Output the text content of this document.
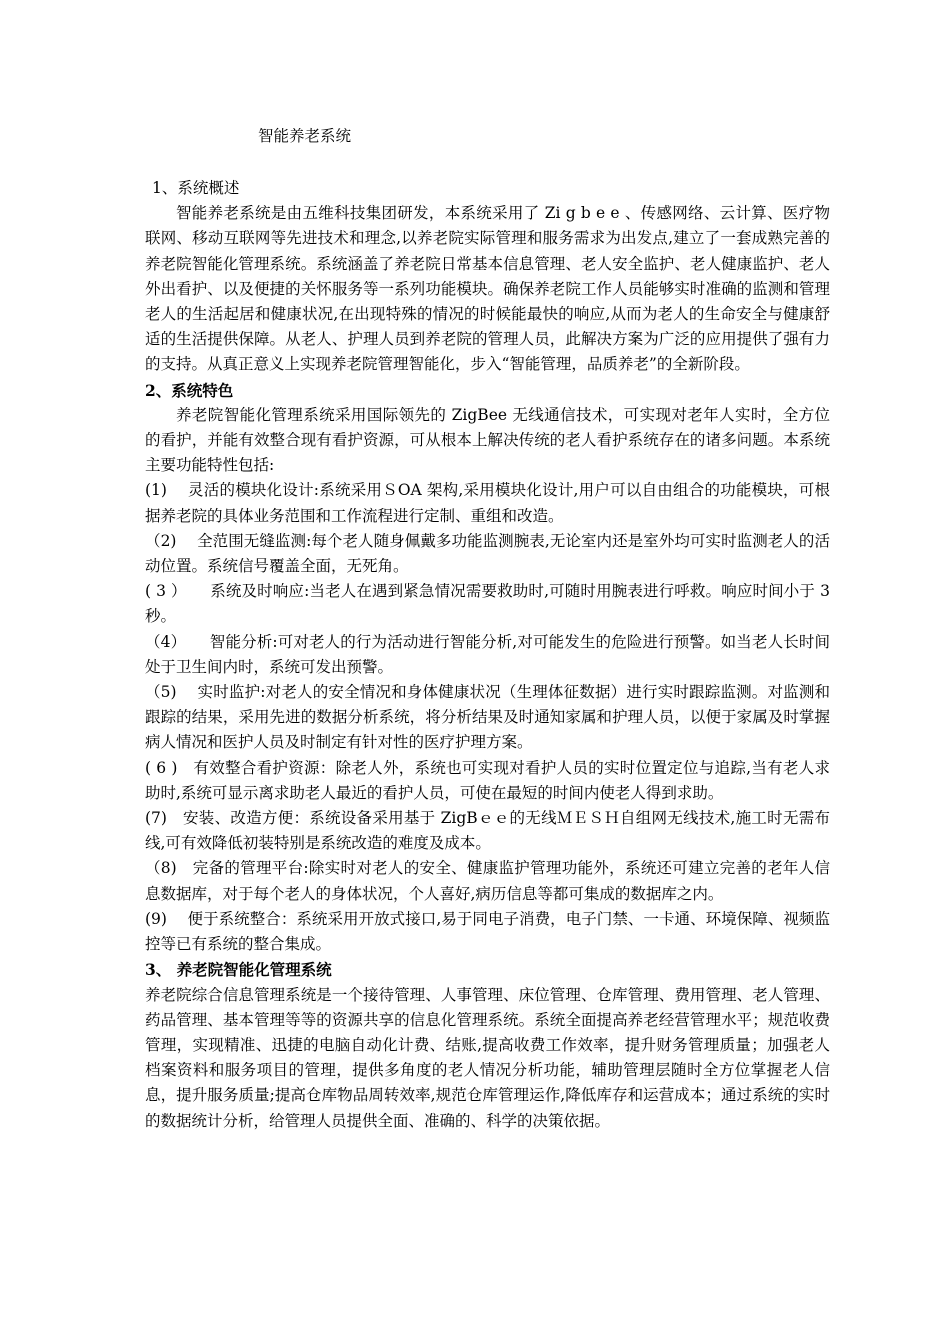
智能养老系统

1、系统概述

智能养老系统是由五维科技集团研发，本系统采用了 Zi g b e e 、传感网络、云计算、医疗物联网、移动互联网等先进技术和理念,以养老院实际管理和服务需求为出发点,建立了一套成熟完善的养老院智能化管理系统。系统涵盖了养老院日常基本信息管理、老人安全监护、老人健康监护、老人外出看护、以及便捷的关怀服务等一系列功能模块。确保养老院工作人员能够实时准确的监测和管理老人的生活起居和健康状况,在出现特殊的情况的时候能最快的响应,从而为老人的生命安全与健康舒适的生活提供保障。从老人、护理人员到养老院的管理人员，此解决方案为广泛的应用提供了强有力的支持。从真正意义上实现养老院管理智能化，步入“智能管理，品质养老”的全新阶段。

2、系统特色

养老院智能化管理系统采用国际领先的 ZigBee 无线通信技术，可实现对老年人实时，全方位的看护，并能有效整合现有看护资源，可从根本上解决传统的老人看护系统存在的诸多问题。本系统主要功能特性包括:

(1)　 灵活的模块化设计:系统采用ＳOA 架构,采用模块化设计,用户可以自由组合的功能模块，可根据养老院的具体业务范围和工作流程进行定制、重组和改造。

（2)　 全范围无缝监测:每个老人随身佩戴多功能监测腕表,无论室内还是室外均可实时监测老人的活动位置。系统信号覆盖全面，无死角。

( 3 ）　　系统及时响应:当老人在遇到紧急情况需要救助时,可随时用腕表进行呼救。响应时间小于 3 秒。

（4）　　智能分析:可对老人的行为活动进行智能分析,对可能发生的危险进行预警。如当老人长时间处于卫生间内时，系统可发出预警。

（5)　 实时监护:对老人的安全情况和身体健康状况（生理体征数据）进行实时跟踪监测。对监测和跟踪的结果，采用先进的数据分析系统，将分析结果及时通知家属和护理人员，以便于家属及时掌握病人情况和医护人员及时制定有针对性的医疗护理方案。

( 6 )　有效整合看护资源：除老人外，系统也可实现对看护人员的实时位置定位与追踪,当有老人求助时,系统可显示离求助老人最近的看护人员，可使在最短的时间内使老人得到求助。

(7)　安装、改造方便：系统设备采用基于 ZigBｅｅ的无线ＭＥＳＨ自组网无线技术,施工时无需布线,可有效降低初装特别是系统改造的难度及成本。

（8)　完备的管理平台:除实时对老人的安全、健康监护管理功能外，系统还可建立完善的老年人信息数据库，对于每个老人的身体状况，个人喜好,病历信息等都可集成的数据库之内。

(9)　 便于系统整合：系统采用开放式接口,易于同电子消费，电子门禁、一卡通、环境保障、视频监控等已有系统的整合集成。

3、 养老院智能化管理系统

养老院综合信息管理系统是一个接待管理、人事管理、床位管理、仓库管理、费用管理、老人管理、药品管理、基本管理等等的资源共享的信息化管理系统。系统全面提高养老经营管理水平；规范收费管理，实现精准、迅捷的电脑自动化计费、结账,提高收费工作效率，提升财务管理质量；加强老人档案资料和服务项目的管理，提供多角度的老人情况分析功能，辅助管理层随时全方位掌握老人信息，提升服务质量;提高仓库物品周转效率,规范仓库管理运作,降低库存和运营成本；通过系统的实时的数据统计分析，给管理人员提供全面、准确的、科学的决策依据。
